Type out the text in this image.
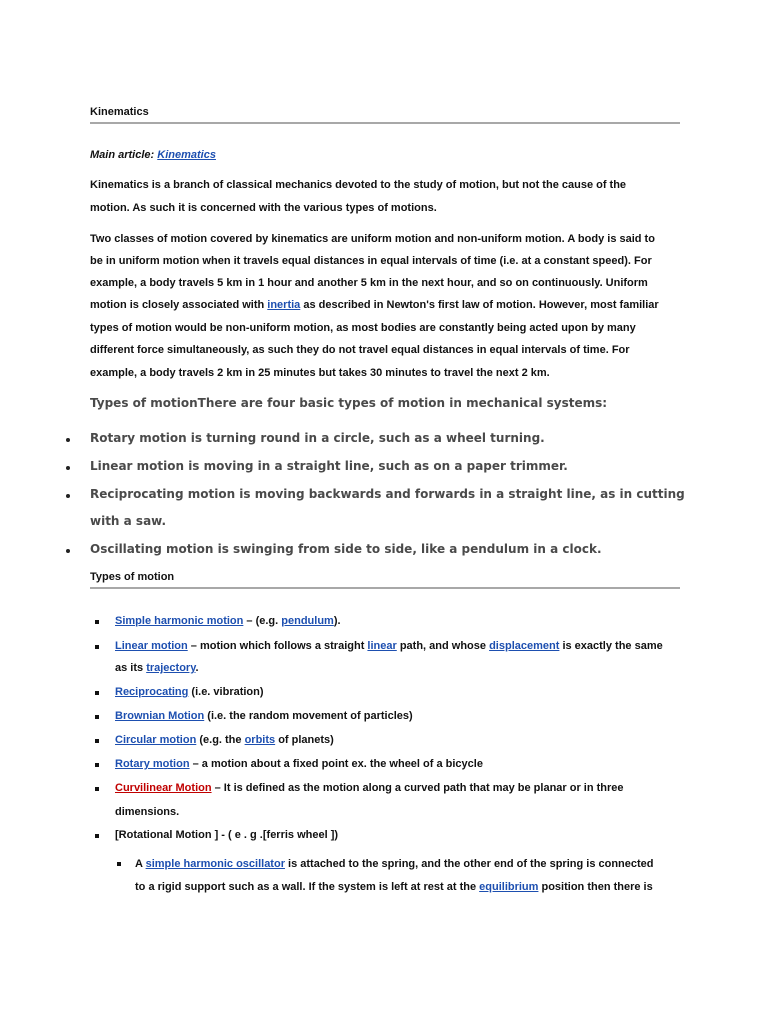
Kinematics
Main article: Kinematics
Kinematics is a branch of classical mechanics devoted to the study of motion, but not the cause of the
motion. As such it is concerned with the various types of motions.
Two classes of motion covered by kinematics are uniform motion and non-uniform motion. A body is said to
be in uniform motion when it travels equal distances in equal intervals of time (i.e. at a constant speed). For
example, a body travels 5 km in 1 hour and another 5 km in the next hour, and so on continuously. Uniform
motion is closely associated with inertia as described in Newton's first law of motion. However, most familiar
types of motion would be non-uniform motion, as most bodies are constantly being acted upon by many
different force simultaneously, as such they do not travel equal distances in equal intervals of time. For
example, a body travels 2 km in 25 minutes but takes 30 minutes to travel the next 2 km.
Types of motionThere are four basic types of motion in mechanical systems:
Rotary motion is turning round in a circle, such as a wheel turning.
Linear motion is moving in a straight line, such as on a paper trimmer.
Reciprocating motion is moving backwards and forwards in a straight line, as in cutting
with a saw.
Oscillating motion is swinging from side to side, like a pendulum in a clock.
Types of motion
Simple harmonic motion – (e.g. pendulum).
Linear motion – motion which follows a straight linear path, and whose displacement is exactly the same
as its trajectory.
Reciprocating (i.e. vibration)
Brownian Motion (i.e. the random movement of particles)
Circular motion (e.g. the orbits of planets)
Rotary motion – a motion about a fixed point ex. the wheel of a bicycle
Curvilinear Motion – It is defined as the motion along a curved path that may be planar or in three
dimensions.
[Rotational Motion ] - ( e . g .[ferris wheel ])
A simple harmonic oscillator is attached to the spring, and the other end of the spring is connected
to a rigid support such as a wall. If the system is left at rest at the equilibrium position then there is
